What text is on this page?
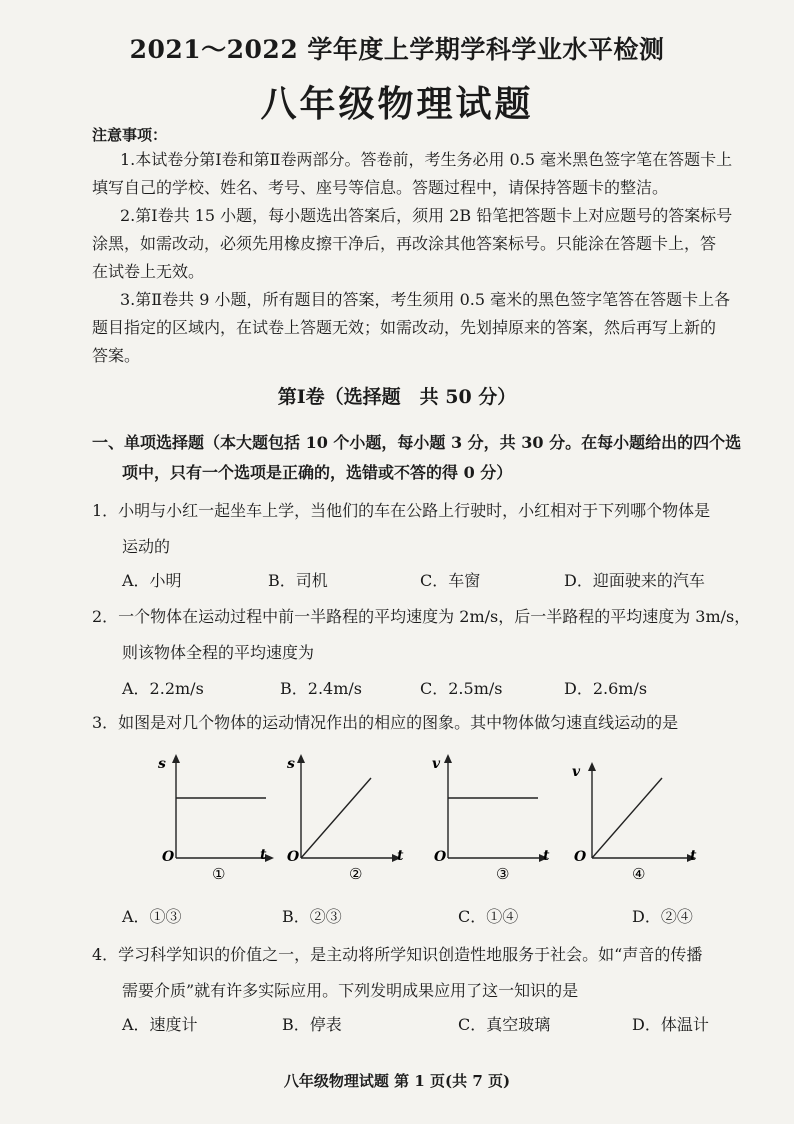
2021～2022 学年度上学期学科学业水平检测
八年级物理试题
注意事项：
1.本试卷分第Ⅰ卷和第Ⅱ卷两部分。答卷前，考生务必用 0.5 毫米黑色签字笔在答题卡上
填写自己的学校、姓名、考号、座号等信息。答题过程中，请保持答题卡的整洁。
2.第Ⅰ卷共 15 小题，每小题选出答案后，须用 2B 铅笔把答题卡上对应题号的答案标号
涂黑，如需改动，必须先用橡皮擦干净后，再改涂其他答案标号。只能涂在答题卡上，答
在试卷上无效。
3.第Ⅱ卷共 9 小题，所有题目的答案，考生须用 0.5 毫米的黑色签字笔答在答题卡上各
题目指定的区域内，在试卷上答题无效；如需改动，先划掉原来的答案，然后再写上新的
答案。
第Ⅰ卷（选择题　共 50 分）
一、单项选择题（本大题包括 10 个小题，每小题 3 分，共 30 分。在每小题给出的四个选
项中，只有一个选项是正确的，选错或不答的得 0 分）
1．小明与小红一起坐车上学，当他们的车在公路上行驶时，小红相对于下列哪个物体是
运动的
A．小明	B．司机	C．车窗	D．迎面驶来的汽车
2．一个物体在运动过程中前一半路程的平均速度为 2m/s，后一半路程的平均速度为 3m/s，
则该物体全程的平均速度为
A．2.2m/s	B．2.4m/s	C．2.5m/s	D．2.6m/s
3．如图是对几个物体的运动情况作出的相应的图象。其中物体做匀速直线运动的是
s
t
O
①
s
t
O
②
v
t
O
③
v
t
O
④
A．①③	B．②③	C．①④	D．②④
4．学习科学知识的价值之一，是主动将所学知识创造性地服务于社会。如“声音的传播
需要介质”就有许多实际应用。下列发明成果应用了这一知识的是
A．速度计	B．停表	C．真空玻璃	D．体温计
八年级物理试题 第 1 页(共 7 页)
